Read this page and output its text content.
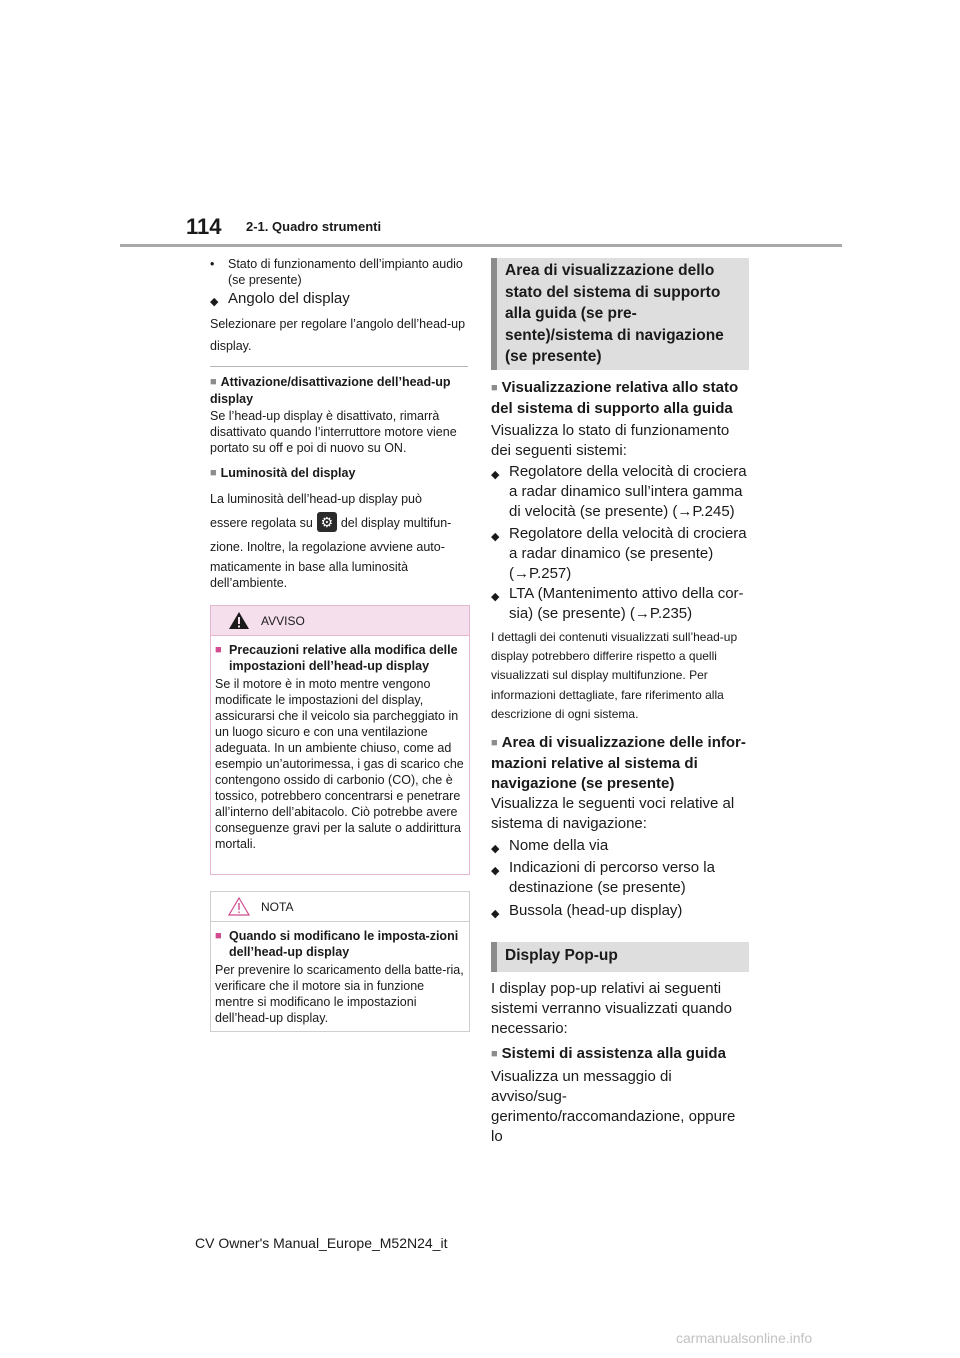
114 2-1. Quadro strumenti
•	Stato di funzionamento dell’impianto audio (se presente)
◆ Angolo del display
Selezionare per regolare l’angolo dell’head-up display.
■ Attivazione/disattivazione dell’head-up display
Se l’head-up display è disattivato, rimarrà disattivato quando l’interruttore motore viene portato su off e poi di nuovo su ON.
■ Luminosità del display
La luminosità dell’head-up display può
essere regolata su ⚙ del display multifun-
zione. Inoltre, la regolazione avviene auto-
maticamente in base alla luminosità
dell’ambiente.
AVVISO
■ Precauzioni relative alla modifica delle impostazioni dell’head-up display
Se il motore è in moto mentre vengono modificate le impostazioni del display, assicurarsi che il veicolo sia parcheggiato in un luogo sicuro e con una ventilazione adeguata. In un ambiente chiuso, come ad esempio un’autorimessa, i gas di scarico che contengono ossido di carbonio (CO), che è tossico, potrebbero concentrarsi e penetrare all’interno dell’abitacolo. Ciò potrebbe avere conseguenze gravi per la salute o addirittura mortali.
NOTA
■ Quando si modificano le imposta-zioni dell’head-up display
Per prevenire lo scaricamento della batte-ria, verificare che il motore sia in funzione mentre si modificano le impostazioni dell’head-up display.
Area di visualizzazione dello stato del sistema di supporto alla guida (se pre-sente)/sistema di navigazione (se presente)
■ Visualizzazione relativa allo stato del sistema di supporto alla guida
Visualizza lo stato di funzionamento dei seguenti sistemi:
◆ Regolatore della velocità di crociera a radar dinamico sull’intera gamma di velocità (se presente) (→P.245)
◆ Regolatore della velocità di crociera a radar dinamico (se presente) (→P.257)
◆ LTA (Mantenimento attivo della cor-sia) (se presente) (→P.235)
I dettagli dei contenuti visualizzati sull’head-up display potrebbero differire rispetto a quelli visualizzati sul display multifunzione. Per informazioni dettagliate, fare riferimento alla descrizione di ogni sistema.
■ Area di visualizzazione delle infor-mazioni relative al sistema di navigazione (se presente)
Visualizza le seguenti voci relative al sistema di navigazione:
◆ Nome della via
◆ Indicazioni di percorso verso la destinazione (se presente)
◆ Bussola (head-up display)
Display Pop-up
I display pop-up relativi ai seguenti sistemi verranno visualizzati quando necessario:
■ Sistemi di assistenza alla guida
Visualizza un messaggio di avviso/sug-gerimento/raccomandazione, oppure lo
CV Owner's Manual_Europe_M52N24_it
carmanualsonline.info
